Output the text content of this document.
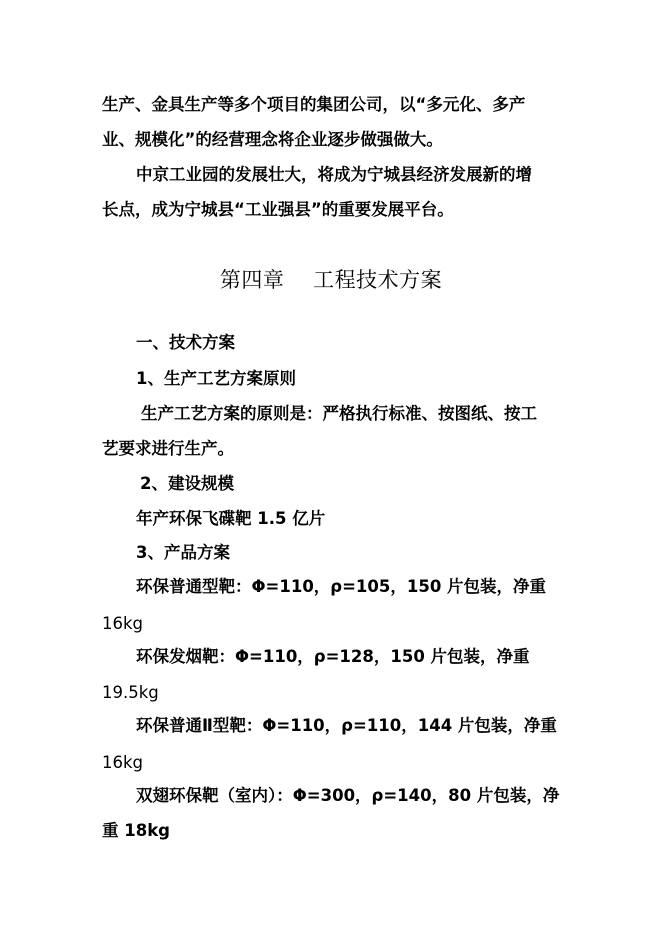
生产、金具生产等多个项目的集团公司，以“多元化、多产
业、规模化”的经营理念将企业逐步做强做大。
中京工业园的发展壮大，将成为宁城县经济发展新的增
长点，成为宁城县“工业强县”的重要发展平台。
第四章　 工程技术方案
一、技术方案
1、生产工艺方案原则
生产工艺方案的原则是：严格执行标准、按图纸、按工
艺要求进行生产。
2、建设规模
年产环保飞碟靶 1.5 亿片
3、产品方案
环保普通型靶：Φ=110，ρ=105，150 片包装，净重
16kg
环保发烟靶：Φ=110，ρ=128，150 片包装，净重
19.5kg
环保普通Ⅱ型靶：Φ=110，ρ=110，144 片包装，净重
16kg
双翅环保靶（室内）：Φ=300，ρ=140，80 片包装，净
重 18kg
